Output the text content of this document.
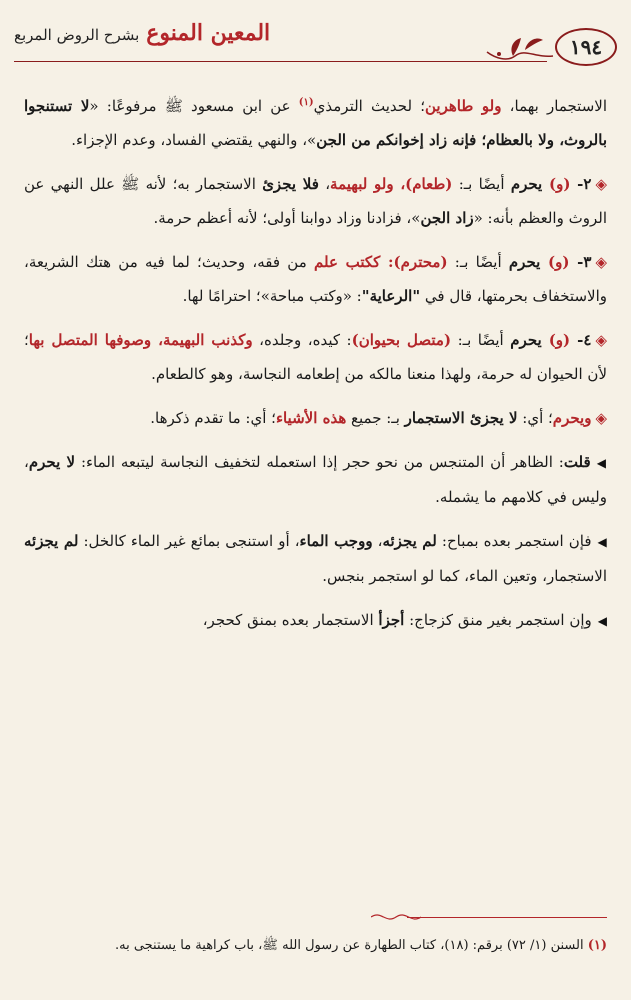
١٩٤
المعين المنوع بشرح الروض المربع

الاستجمار بهما، ولو طاهرين؛ لحديث الترمذي$^{(١)}$ عن ابن مسعود ﷺ مرفوعًا: «لا تستنجوا بالروث، ولا بالعظام؛ فإنه زاد إخوانكم من الجن»، والنهي يقتضي الفساد، وعدم الإجزاء.

◈٢- (و) يحرم أيضًا بـ: (طعام)، ولو لبهيمة، فلا يجزئ الاستجمار به؛ لأنه ﷺ علل النهي عن الروث والعظم بأنه: «زاد الجن»، فزادنا وزاد دوابنا أولى؛ لأنه أعظم حرمة.

◈٣- (و) يحرم أيضًا بـ: (محترم): ككتب علم من فقه، وحديث؛ لما فيه من هتك الشريعة، والاستخفاف بحرمتها، قال في "الرعاية": «وكتب مباحة»؛ احترامًا لها.

◈٤- (و) يحرم أيضًا بـ: (متصل بحيوان): كيده، وجلده، وكذنب البهيمة، وصوفها المتصل بها؛ لأن الحيوان له حرمة، ولهذا منعنا مالكه من إطعامه النجاسة، وهو كالطعام.

◈ويحرم؛ أي: لا يجزئ الاستجمار بـ: جميع هذه الأشياء؛ أي: ما تقدم ذكرها.

◀قلت: الظاهر أن المتنجس من نحو حجر إذا استعمله لتخفيف النجاسة ليتبعه الماء: لا يحرم، وليس في كلامهم ما يشمله.

◀فإن استجمر بعده بمباح: لم يجزئه، ووجب الماء، أو استنجى بمائع غير الماء كالخل: لم يجزئه الاستجمار، وتعين الماء، كما لو استجمر بنجس.

◀وإن استجمر بغير منق كزجاج: أجزأ الاستجمار بعده بمنق كحجر،

(١) السنن (١/ ٧٢) برقم: (١٨)، كتاب الطهارة عن رسول الله ﷺ، باب كراهية ما يستنجى به.
